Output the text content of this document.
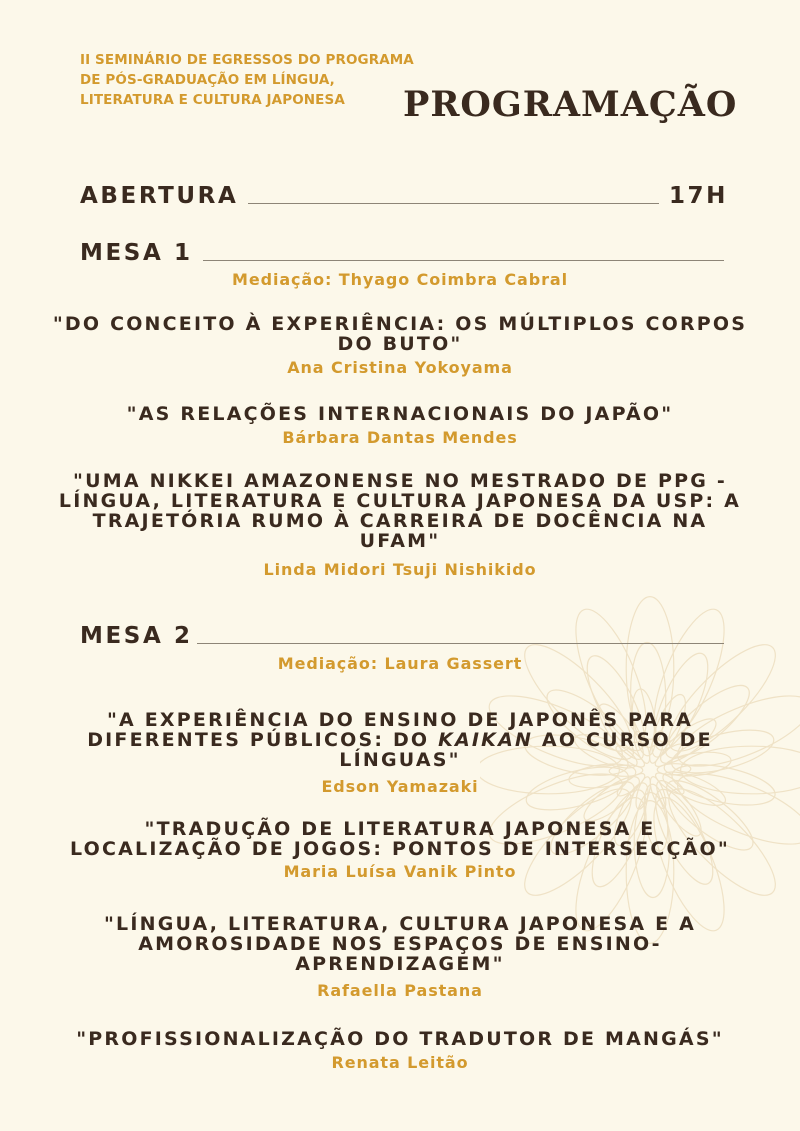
II SEMINÁRIO DE EGRESSOS DO PROGRAMA
DE PÓS-GRADUAÇÃO EM LÍNGUA,
LITERATURA E CULTURA JAPONESA	PROGRAMAÇÃO
ABERTURA	17H
MESA 1
Mediação: Thyago Coimbra Cabral
"DO CONCEITO À EXPERIÊNCIA: OS MÚLTIPLOS CORPOS
DO BUTO"
Ana Cristina Yokoyama
"AS RELAÇÕES INTERNACIONAIS DO JAPÃO"
Bárbara Dantas Mendes
"UMA NIKKEI AMAZONENSE NO MESTRADO DE PPG -
LÍNGUA, LITERATURA E CULTURA JAPONESA DA USP: A
TRAJETÓRIA RUMO À CARREIRA DE DOCÊNCIA NA
UFAM"
Linda Midori Tsuji Nishikido
MESA 2
Mediação: Laura Gassert
"A EXPERIÊNCIA DO ENSINO DE JAPONÊS PARA
DIFERENTES PÚBLICOS: DO KAIKAN AO CURSO DE
LÍNGUAS"
Edson Yamazaki
"TRADUÇÃO DE LITERATURA JAPONESA E
LOCALIZAÇÃO DE JOGOS: PONTOS DE INTERSECÇÃO"
Maria Luísa Vanik Pinto
"LÍNGUA, LITERATURA, CULTURA JAPONESA E A
AMOROSIDADE NOS ESPAÇOS DE ENSINO-
APRENDIZAGEM"
Rafaella Pastana
"PROFISSIONALIZAÇÃO DO TRADUTOR DE MANGÁS"
Renata Leitão
